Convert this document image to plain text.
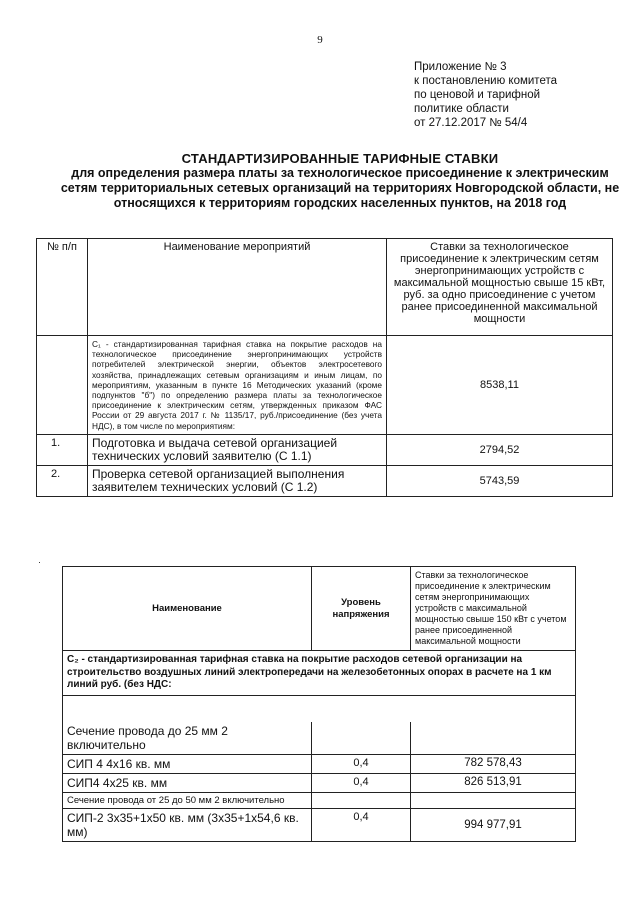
9
Приложение № 3
к постановлению комитета
по ценовой и тарифной
политике области
от 27.12.2017 № 54/4
СТАНДАРТИЗИРОВАННЫЕ ТАРИФНЫЕ СТАВКИ
для определения размера платы за технологическое присоединение к электрическим сетям территориальных сетевых организаций на территориях Новгородской области, не относящихся к территориям городских населенных пунктов, на 2018 год
№ п/п	Наименование мероприятий	Ставки за технологическое присоединение к электрическим сетям энергопринимающих устройств с максимальной мощностью свыше 15 кВт, руб. за одно присоединение с учетом ранее присоединенной максимальной мощности
	C₁ - стандартизированная тарифная ставка на покрытие расходов на технологическое присоединение энергопринимающих устройств потребителей электрической энергии, объектов электросетевого хозяйства, принадлежащих сетевым организациям и иным лицам, по мероприятиям, указанным в пункте 16 Методических указаний (кроме подпунктов "б") по определению размера платы за технологическое присоединение к электрическим сетям, утвержденных приказом ФАС России от 29 августа 2017 г. № 1135/17, руб./присоединение (без учета НДС), в том числе по мероприятиям:	8538,11
1.	Подготовка и выдача сетевой организацией технических условий заявителю (С 1.1)	2794,52
2.	Проверка сетевой организацией выполнения заявителем технических условий (С 1.2)	5743,59
·
Наименование	Уровень напряжения	Ставки за технологическое присоединение к электрическим сетям энергопринимающих устройств с максимальной мощностью свыше 150 кВт с учетом ранее присоединенной максимальной мощности
C₂ - стандартизированная тарифная ставка на покрытие расходов сетевой организации на строительство воздушных линий электропередачи на железобетонных опорах в расчете на 1 км линий руб. (без НДС:		

Сечение провода до 25 мм 2 включительно		
СИП 4 4х16 кв. мм	0,4	782 578,43
СИП4 4х25 кв. мм	0,4	826 513,91
Сечение провода от 25 до 50 мм 2 включительно		
СИП-2 3х35+1х50 кв. мм (3х35+1х54,6 кв. мм)	0,4	994 977,91
